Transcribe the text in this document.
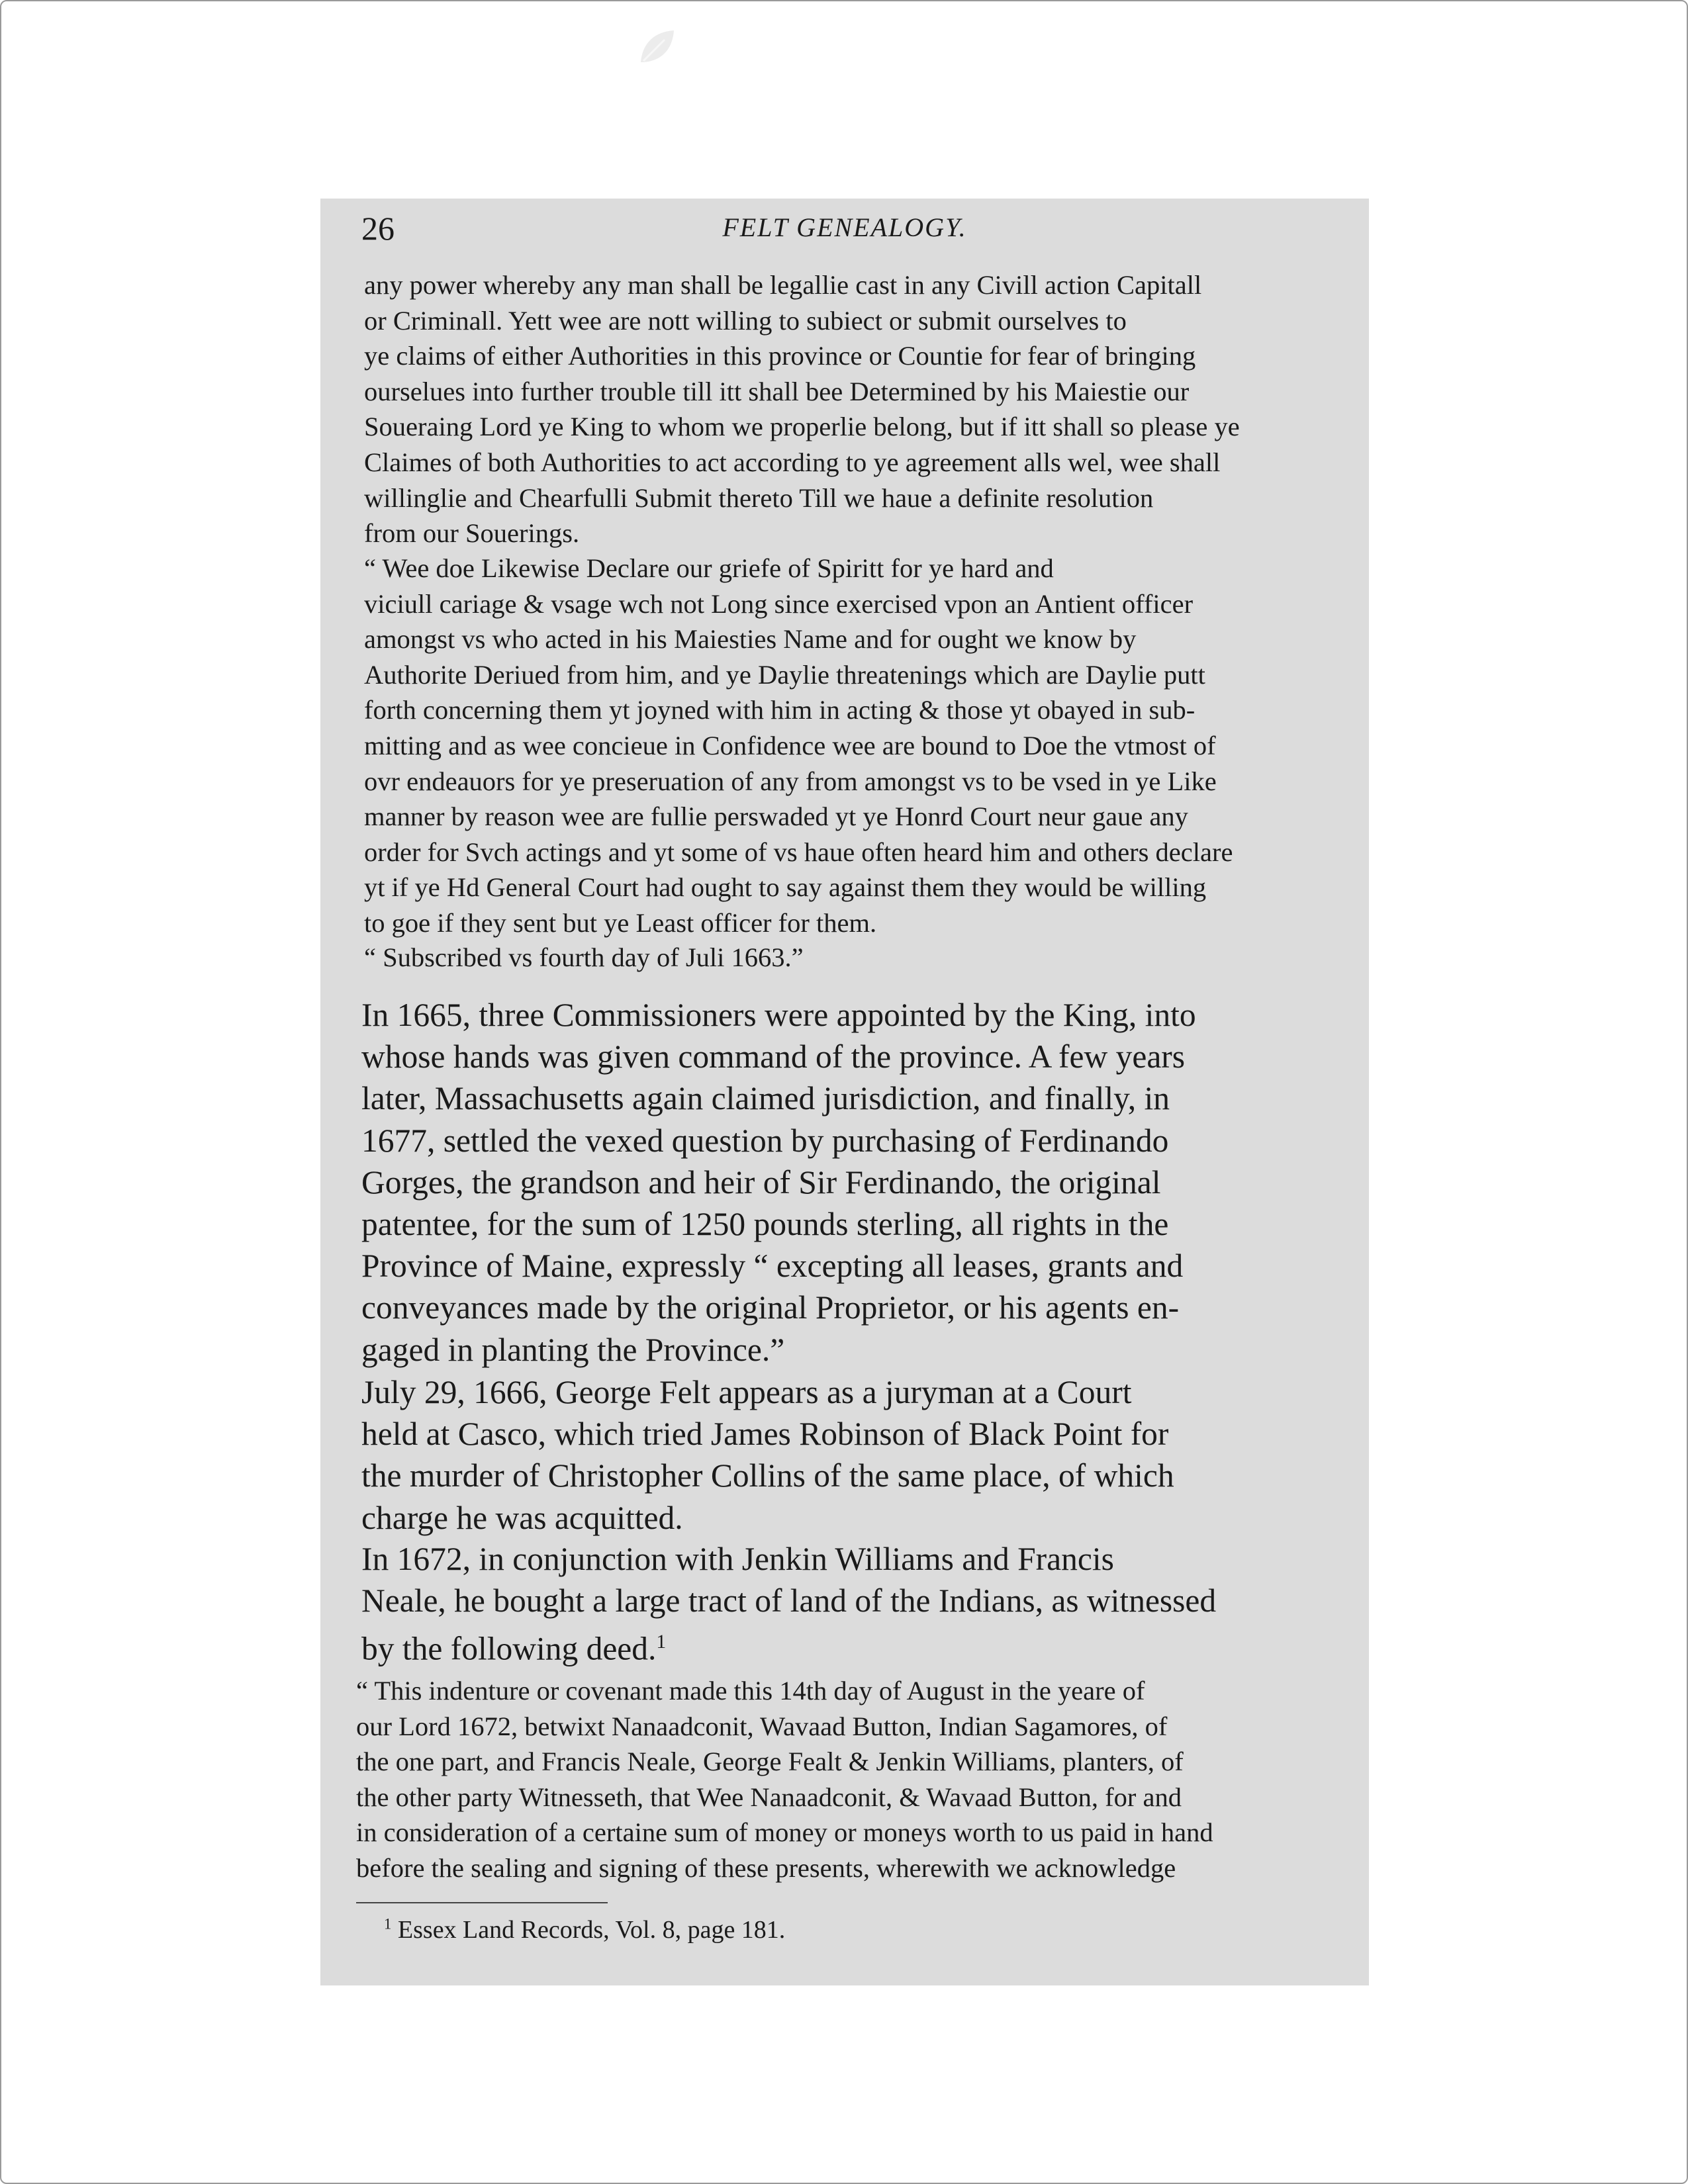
26	FELT GENEALOGY.

any power whereby any man shall be legallie cast in any Civill action Capitall
or Criminall. Yett wee are nott willing to subiect or submit ourselves to
ye claims of either Authorities in this province or Countie for fear of bringing
ourselues into further trouble till itt shall bee Determined by his Maiestie our
Soueraing Lord ye King to whom we properlie belong, but if itt shall so please ye
Claimes of both Authorities to act according to ye agreement alls wel, wee shall
willinglie and Chearfulli Submit thereto Till we haue a definite resolution
from our Souerings.

“ Wee doe Likewise Declare our griefe of Spiritt for ye hard and
viciull cariage & vsage wch not Long since exercised vpon an Antient officer
amongst vs who acted in his Maiesties Name and for ought we know by
Authorite Deriued from him, and ye Daylie threatenings which are Daylie putt
forth concerning them yt joyned with him in acting & those yt obayed in sub-
mitting and as wee concieue in Confidence wee are bound to Doe the vtmost of
ovr endeauors for ye preseruation of any from amongst vs to be vsed in ye Like
manner by reason wee are fullie perswaded yt ye Honrd Court neur gaue any
order for Svch actings and yt some of vs haue often heard him and others declare
yt if ye Hd General Court had ought to say against them they would be willing
to goe if they sent but ye Least officer for them.

“ Subscribed vs fourth day of Juli 1663.”

In 1665, three Commissioners were appointed by the King, into
whose hands was given command of the province. A few years
later, Massachusetts again claimed jurisdiction, and finally, in
1677, settled the vexed question by purchasing of Ferdinando
Gorges, the grandson and heir of Sir Ferdinando, the original
patentee, for the sum of 1250 pounds sterling, all rights in the
Province of Maine, expressly “ excepting all leases, grants and
conveyances made by the original Proprietor, or his agents en-
gaged in planting the Province.”

July 29, 1666, George Felt appears as a juryman at a Court
held at Casco, which tried James Robinson of Black Point for
the murder of Christopher Collins of the same place, of which
charge he was acquitted.

In 1672, in conjunction with Jenkin Williams and Francis
Neale, he bought a large tract of land of the Indians, as witnessed
by the following deed.$^1$

“ This indenture or covenant made this 14th day of August in the yeare of
our Lord 1672, betwixt Nanaadconit, Wavaad Button, Indian Sagamores, of
the one part, and Francis Neale, George Fealt & Jenkin Williams, planters, of
the other party Witnesseth, that Wee Nanaadconit, & Wavaad Button, for and
in consideration of a certaine sum of money or moneys worth to us paid in hand
before the sealing and signing of these presents, wherewith we acknowledge

$^1$ Essex Land Records, Vol. 8, page 181.
